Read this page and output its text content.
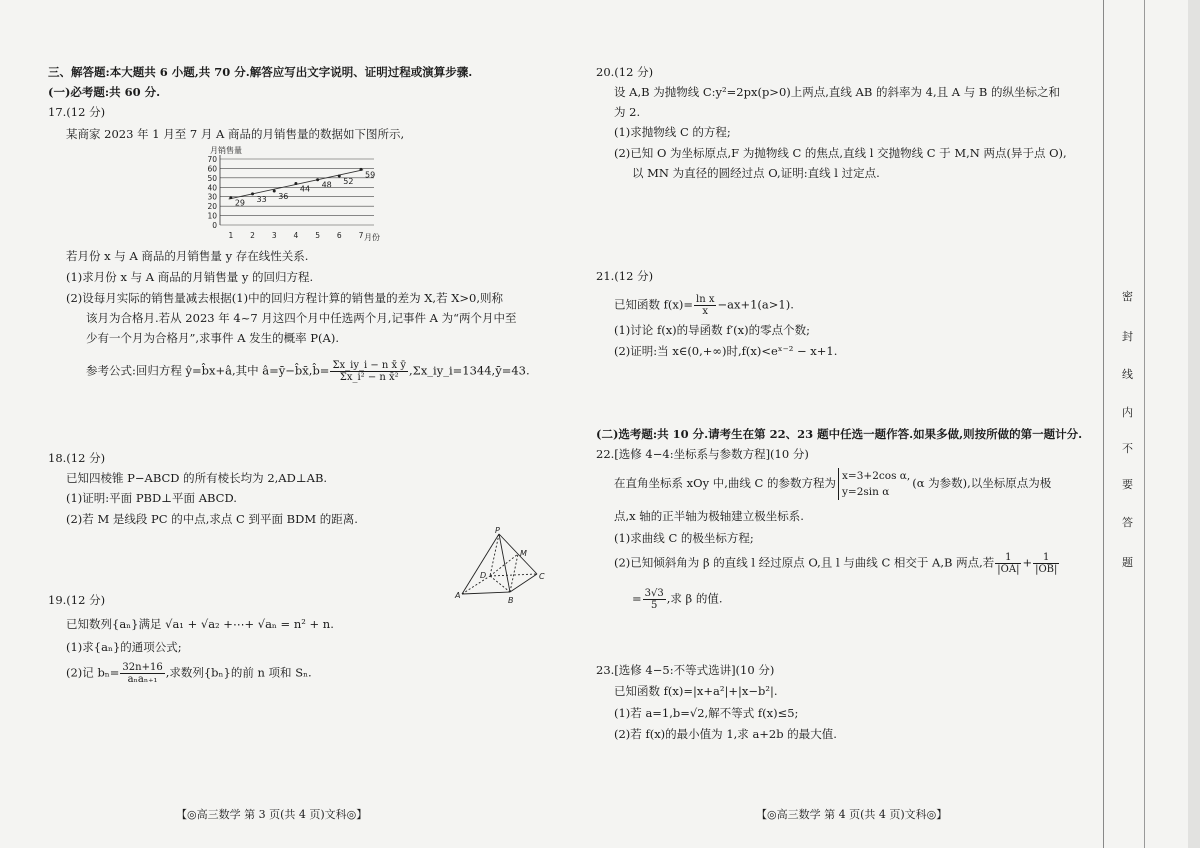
三、解答题:本大题共 6 小题,共 70 分.解答应写出文字说明、证明过程或演算步骤.
(一)必考题:共 60 分.
17.(12 分)
某商家 2023 年 1 月至 7 月 A 商品的月销售量的数据如下图所示,
月销售量
0
10
20
30
40
50
60
70
1 2 3 4 5 6 7
29 33 36
44 48 52
59
月份
若月份 x 与 A 商品的月销售量 y 存在线性关系.
(1)求月份 x 与 A 商品的月销售量 y 的回归方程.
(2)设每月实际的销售量减去根据(1)中的回归方程计算的销售量的差为 X,若 X>0,则称
该月为合格月.若从 2023 年 4~7 月这四个月中任选两个月,记事件 A 为“两个月中至
少有一个月为合格月”,求事件 A 发生的概率 P(A).
参考公式:回归方程 ŷ=b̂x+â,其中 â=ȳ−b̂x̄,b̂= $\frac{\text{Σx\_iy\_i − n x̄ ȳ}}{\text{Σx\_i² − n x̄²}}$ ,Σx_iy_i=1344,ȳ=43.
18.(12 分)
已知四棱锥 P−ABCD 的所有棱长均为 2,AD⊥AB.
(1)证明:平面 PBD⊥平面 ABCD.
(2)若 M 是线段 PC 的中点,求点 C 到平面 BDM 的距离.
P
M
D	C
A
B
19.(12 分)
已知数列{aₙ}满足 √a₁ + √a₂ +⋯+ √aₙ = n² + n.
(1)求{aₙ}的通项公式;
(2)记 $b_n= \frac{32n+16}{\text{aₙaₙ₊₁}}$ ,求数列{bₙ}的前 n 项和 Sₙ.
【◎高三数学 第 3 页(共 4 页)文科◎】
20.(12 分)
设 A,B 为抛物线 C:y²=2px(p>0)上两点,直线 AB 的斜率为 4,且 A 与 B 的纵坐标之和
为 2.
(1)求抛物线 C 的方程;
(2)已知 O 为坐标原点,F 为抛物线 C 的焦点,直线 l 交抛物线 C 于 M,N 两点(异于点 O),
以 MN 为直径的圆经过点 O,证明:直线 l 过定点.
21.(12 分)
已知函数 $f(x)= \frac{\text{ln x}}{x} -ax+1(a>1)$.
(1)讨论 f(x)的导函数 f′(x)的零点个数;
(2)证明:当 x∈(0,+∞)时,f(x)<eˣ⁻² − x+1.
(二)选考题:共 10 分.请考生在第 22、23 题中任选一题作答.如果多做,则按所做的第一题计分.
22.[选修 4−4:坐标系与参数方程](10 分)
在直角坐标系 xOy 中,曲线 C 的参数方程为 x=3+2cos α,
y=2sin α
(α 为参数),以坐标原点为极
点,x 轴的正半轴为极轴建立极坐标系.
(1)求曲线 C 的极坐标方程;
(2)已知倾斜角为 β 的直线 l 经过原点 O,且 l 与曲线 C 相交于 A,B 两点,若 $\frac{1}{|OA|} + \frac{1}{|OB|}$
= $\frac{3√3}{5}$ ,求 β 的值.
23.[选修 4−5:不等式选讲](10 分)
已知函数 f(x)=|x+a²|+|x−b²|.
(1)若 a=1,b=√2,解不等式 f(x)≤5;
(2)若 f(x)的最小值为 1,求 a+2b 的最大值.
【◎高三数学 第 4 页(共 4 页)文科◎】
密
封
线
内
不
要
答
题
